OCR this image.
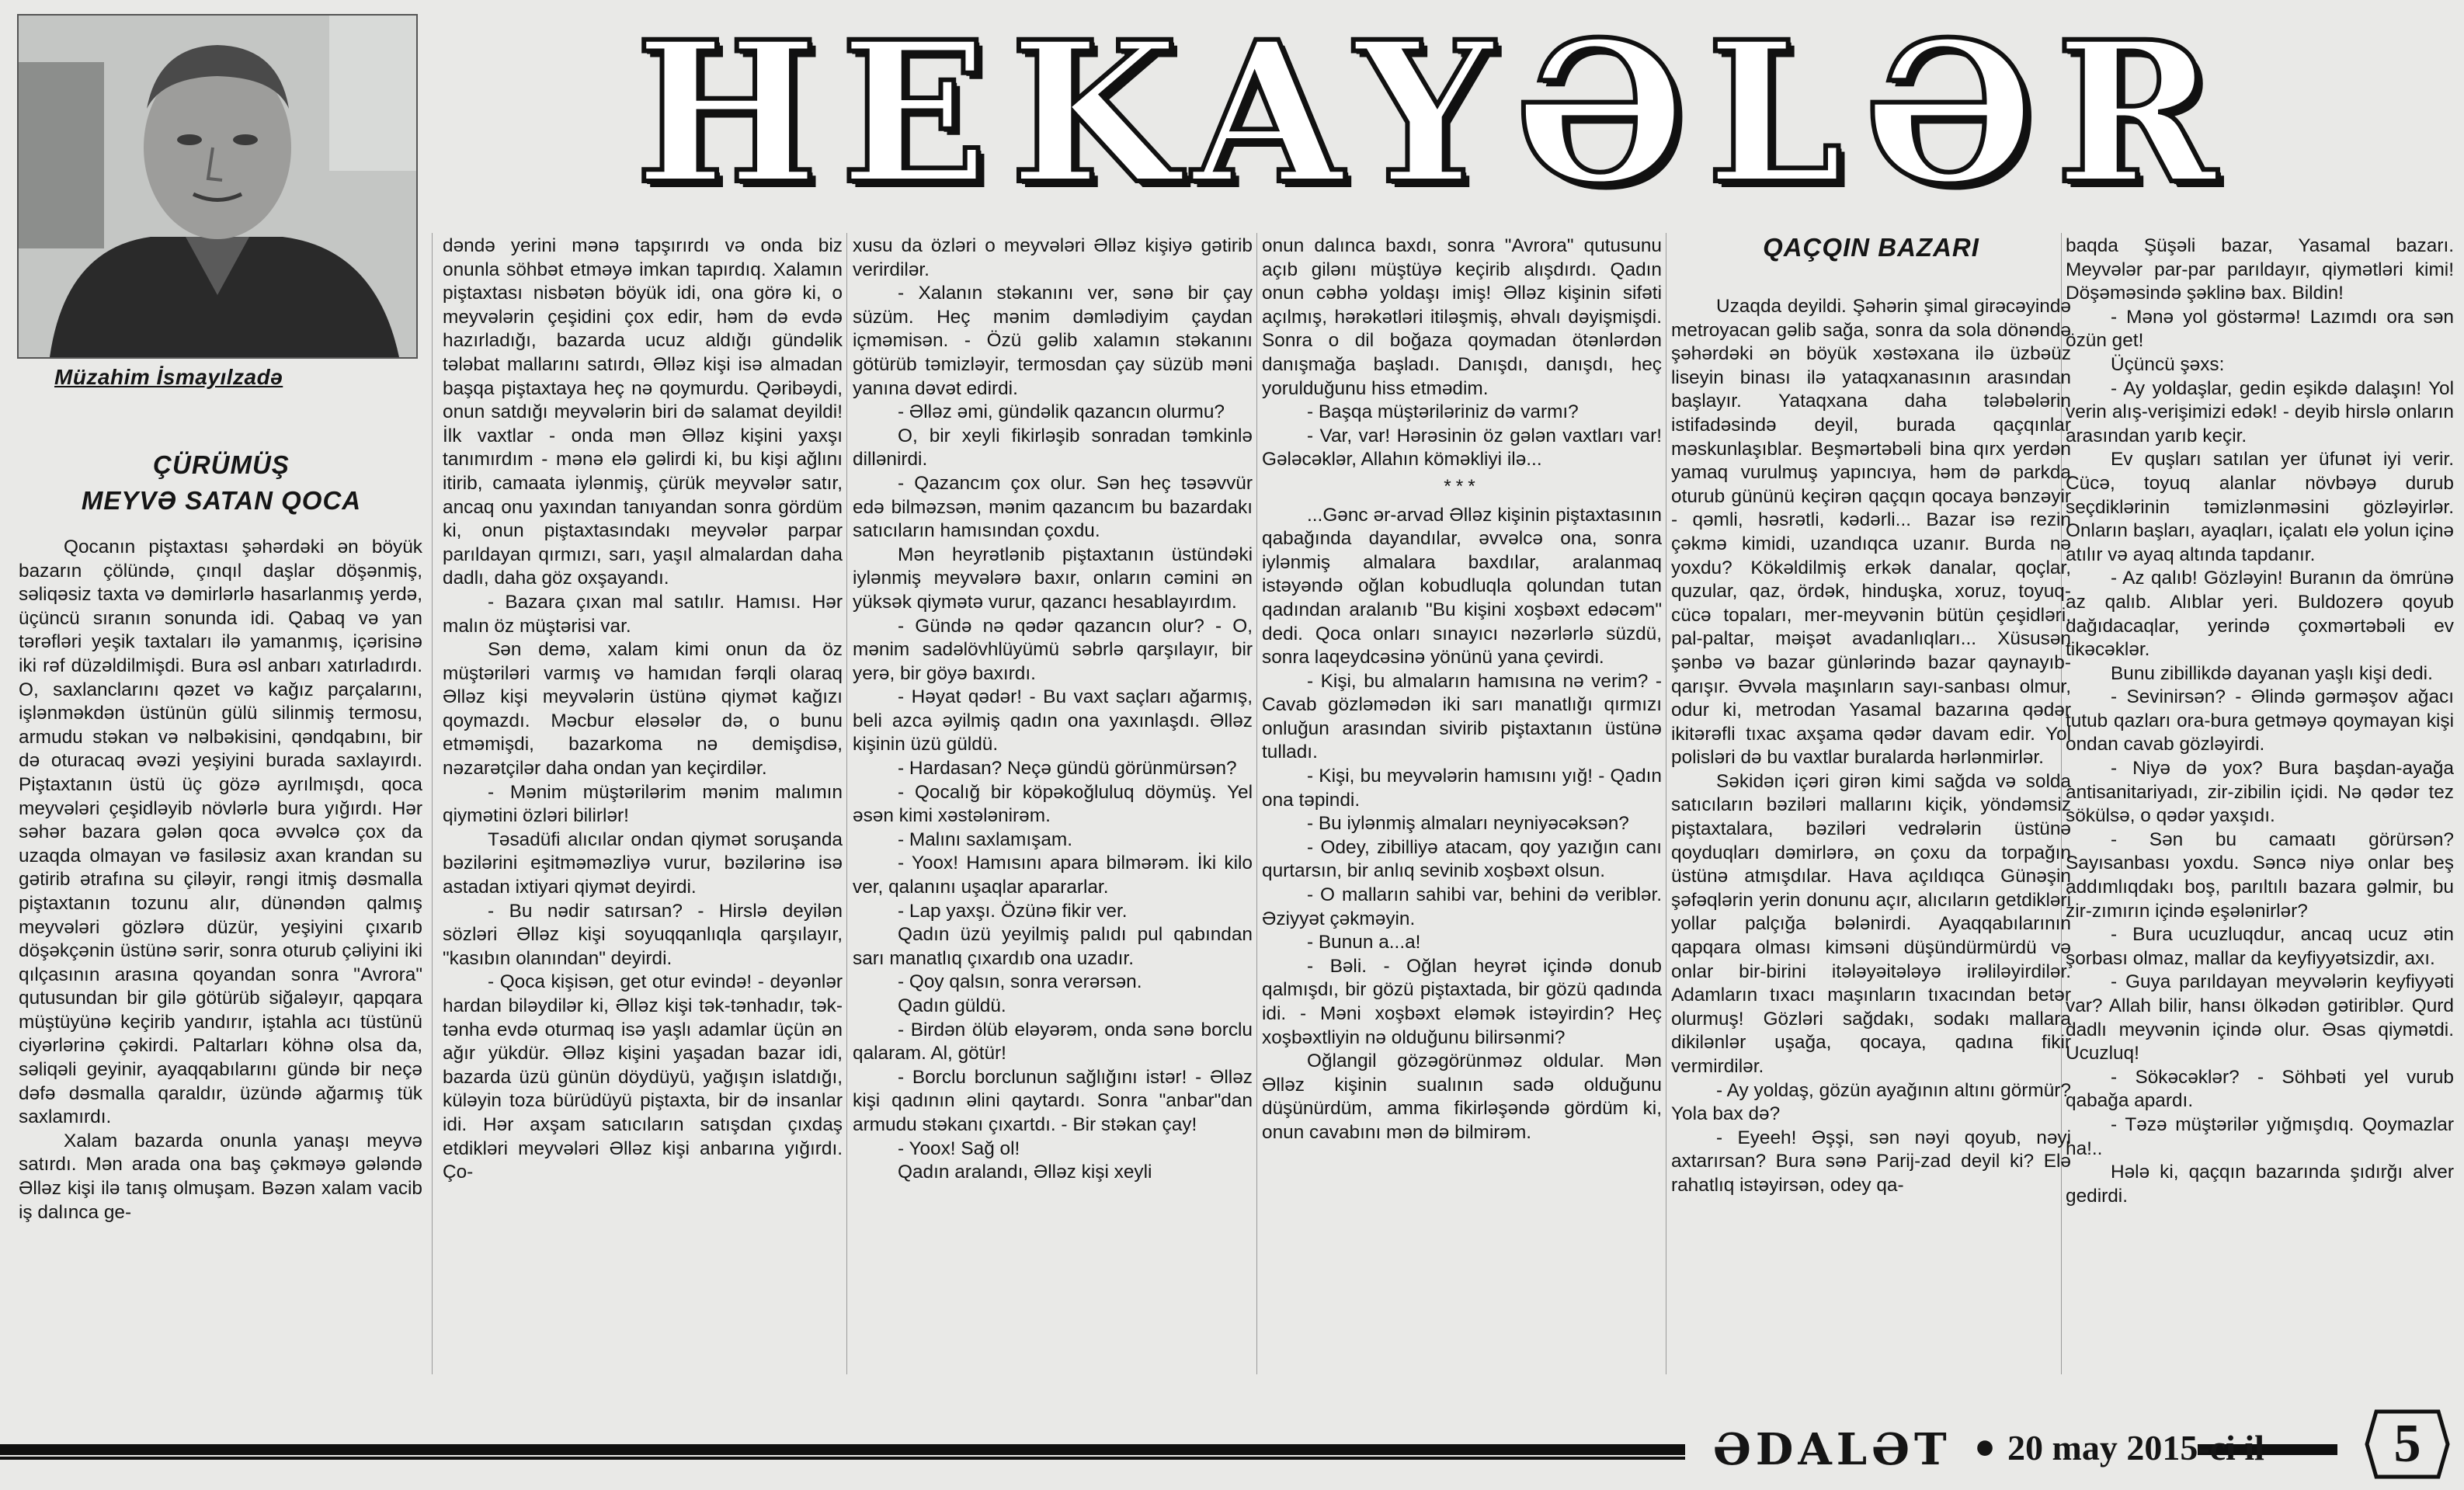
Müzahim İsmayılzadə
HEKAYƏLƏR
ÇÜRÜMÜŞ
MEYVƏ SATAN QOCA
QAÇQIN BAZARI

Qocanın piştaxtası şəhərdəki ən böyük bazarın çölündə, çınqıl daşlar döşənmiş, səliqəsiz taxta və dəmirlərlə hasarlanmış yerdə, üçüncü sıranın sonunda idi. Qabaq və yan tərəfləri yeşik taxtaları ilə yamanmış, içərisinə iki rəf düzəldilmişdi. Bura əsl anbarı xatırladırdı. O, saxlanclarını qəzet və kağız parçalarını, işlənməkdən üstünün gülü silinmiş termosu, armudu stəkan və nəlbəkisini, qəndqabını, bir də oturacaq əvəzi yeşiyini burada saxlayırdı. Piştaxtanın üstü üç gözə ayrılmışdı, qoca meyvələri çeşidləyib növlərlə bura yığırdı. Hər səhər bazara gələn qoca əvvəlcə çox da uzaqda olmayan və fasiləsiz axan krandan su gətirib ətrafına su çiləyir, rəngi itmiş dəsmalla piştaxtanın tozunu alır, dünəndən qalmış meyvələri gözlərə düzür, yeşiyini çıxarıb döşəkçənin üstünə sərir, sonra oturub çəliyini iki qılçasının arasına qoyandan sonra "Avrora" qutusundan bir gilə götürüb siğaləyır, qapqara müştüyünə keçirib yandırır, iştahla acı tüstünü ciyərlərinə çəkirdi. Paltarları köhnə olsa da, səliqəli geyinir, ayaqqabılarını gündə bir neçə dəfə dəsmalla qaraldır, üzündə ağarmış tük saxlamırdı.

Xalam bazarda onunla yanaşı meyvə satırdı. Mən arada ona baş çəkməyə gələndə Əlləz kişi ilə tanış olmuşam. Bəzən xalam vacib iş dalınca ge-

dəndə yerini mənə tapşırırdı və onda biz onunla söhbət etməyə imkan tapırdıq. Xalamın piştaxtası nisbətən böyük idi, ona görə ki, o meyvələrin çeşidini çox edir, həm də evdə hazırladığı, bazarda ucuz aldığı gündəlik tələbat mallarını satırdı, Əlləz kişi isə almadan başqa piştaxtaya heç nə qoymurdu. Qəribəydi, onun satdığı meyvələrin biri də salamat deyildi! İlk vaxtlar - onda mən Əlləz kişini yaxşı tanımırdım - mənə elə gəlirdi ki, bu kişi ağlını itirib, camaata iylənmiş, çürük meyvələr satır, ancaq onu yaxından tanıyandan sonra gördüm ki, onun piştaxtasındakı meyvələr parpar parıldayan qırmızı, sarı, yaşıl almalardan daha dadlı, daha göz oxşayandı.

- Bazara çıxan mal satılır. Hamısı. Hər malın öz müştərisi var.

Sən demə, xalam kimi onun da öz müştəriləri varmış və hamıdan fərqli olaraq Əlləz kişi meyvələrin üstünə qiymət kağızı qoymazdı. Məcbur eləsələr də, o bunu etməmişdi, bazarkoma nə demişdisə, nəzarətçilər daha ondan yan keçirdilər.

- Mənim müştərilərim mənim malımın qiymətini özləri bilirlər!

Təsadüfi alıcılar ondan qiymət soruşanda bəzilərini eşitməməzliyə vurur, bəzilərinə isə astadan ixtiyari qiymət deyirdi.

- Bu nədir satırsan? - Hirslə deyilən sözləri Əlləz kişi soyuqqanlıqla qarşılayır, "kasıbın olanından" deyirdi.

- Qoca kişisən, get otur evində! - deyənlər hardan biləydilər ki, Əlləz kişi tək-tənhadır, tək-tənha evdə oturmaq isə yaşlı adamlar üçün ən ağır yükdür. Əlləz kişini yaşadan bazar idi, bazarda üzü günün döydüyü, yağışın islatdığı, küləyin toza bürüdüyü piştaxta, bir də insanlar idi. Hər axşam satıcıların satışdan çıxdaş etdikləri meyvələri Əlləz kişi anbarına yığırdı. Ço-

xusu da özləri o meyvələri Əlləz kişiyə gətirib verirdilər.

- Xalanın stəkanını ver, sənə bir çay süzüm. Heç mənim dəmlədiyim çaydan içməmisən. - Özü gəlib xalamın stəkanını götürüb təmizləyir, termosdan çay süzüb məni yanına dəvət edirdi.

- Əlləz əmi, gündəlik qazancın olurmu?

O, bir xeyli fikirləşib sonradan təmkinlə dillənirdi.

- Qazancım çox olur. Sən heç təsəvvür edə bilməzsən, mənim qazancım bu bazardakı satıcıların hamısından çoxdu.

Mən heyrətlənib piştaxtanın üstündəki iylənmiş meyvələrə baxır, onların cəmini ən yüksək qiymətə vurur, qazancı hesablayırdım.

- Gündə nə qədər qazancın olur? - O, mənim sadəlövhlüyümü səbrlə qarşılayır, bir yerə, bir göyə baxırdı.

- Həyat qədər! - Bu vaxt saçları ağarmış, beli azca əyilmiş qadın ona yaxınlaşdı. Əlləz kişinin üzü güldü.

- Hardasan? Neçə gündü görünmürsən?

- Qocalığ bir köpəkoğluluq döymüş. Yel əsən kimi xəstələnirəm.

- Malını saxlamışam.

- Yoox! Hamısını apara bilmərəm. İki kilo ver, qalanını uşaqlar apararlar.

- Lap yaxşı. Özünə fikir ver.

Qadın üzü yeyilmiş palıdı pul qabından sarı manatlıq çıxardıb ona uzadır.

- Qoy qalsın, sonra verərsən.

Qadın güldü.

- Birdən ölüb eləyərəm, onda sənə borclu qalaram. Al, götür!

- Borclu borclunun sağlığını istər! - Əlləz kişi qadının əlini qaytardı. Sonra "anbar"dan armudu stəkanı çıxartdı. - Bir stəkan çay!

- Yoox! Sağ ol!

Qadın aralandı, Əlləz kişi xeyli

onun dalınca baxdı, sonra "Avrora" qutusunu açıb gilənı müştüyə keçirib alışdırdı. Qadın onun cəbhə yoldaşı imiş! Əlləz kişinin sifəti açılmış, hərəkətləri itiləşmiş, əhvalı dəyişmişdi. Sonra o dil boğaza qoymadan ötənlərdən danışmağa başladı. Danışdı, danışdı, heç yorulduğunu hiss etmədim.

- Başqa müştəriləriniz də varmı?

- Var, var! Hərəsinin öz gələn vaxtları var! Gələcəklər, Allahın köməkliyi ilə...

***

...Gənc ər-arvad Əlləz kişinin piştaxtasının qabağında dayandılar, əvvəlcə ona, sonra iylənmiş almalara baxdılar, aralanmaq istəyəndə oğlan kobudluqla qolundan tutan qadından aralanıb "Bu kişini xoşbəxt edəcəm" dedi. Qoca onları sınayıcı nəzərlərlə süzdü, sonra laqeydcəsinə yönünü yana çevirdi.

- Kişi, bu almaların hamısına nə verim? - Cavab gözləmədən iki sarı manatlığı qırmızı onluğun arasından sivirib piştaxtanın üstünə tulladı.

- Kişi, bu meyvələrin hamısını yığ! - Qadın ona təpindi.

- Bu iylənmiş almaları neyniyəcəksən?

- Odey, zibilliyə atacam, qoy yazığın canı qurtarsın, bir anlıq sevinib xoşbəxt olsun.

- O malların sahibi var, behini də veriblər. Əziyyət çəkməyin.

- Bunun a...a!

- Bəli. - Oğlan heyrət içində donub qalmışdı, bir gözü piştaxtada, bir gözü qadında idi. - Məni xoşbəxt eləmək istəyirdin? Heç xoşbəxtliyin nə olduğunu bilirsənmi?

Oğlangil gözəgörünməz oldular. Mən Əlləz kişinin sualının sadə olduğunu düşünürdüm, amma fikirləşəndə gördüm ki, onun cavabını mən də bilmirəm.

Uzaqda deyildi. Şəhərin şimal girəcəyində metroyacan gəlib sağa, sonra da sola dönəndə şəhərdəki ən böyük xəstəxana ilə üzbəüz liseyin binası ilə yataqxanasının arasından başlayır. Yataqxana daha tələbələrin istifadəsində deyil, burada qaçqınlar məskunlaşıblar. Beşmərtəbəli bina qırx yerdən yamaq vurulmuş yapıncıya, həm də parkda oturub gününü keçirən qaçqın qocaya bənzəyir - qəmli, həsrətli, kədərli... Bazar isə rezin çəkmə kimidi, uzandıqca uzanır. Burda nə yoxdu? Kökəldilmiş erkək danalar, qoçlar, quzular, qaz, ördək, hinduşka, xoruz, toyuq-cücə topaları, mer-meyvənin bütün çeşidləri, pal-paltar, məişət avadanlıqları... Xüsusən şənbə və bazar günlərində bazar qaynayıb-qarışır. Əvvəla maşınların sayı-sanbası olmur, odur ki, metrodan Yasamal bazarına qədər ikitərəfli tıxac axşama qədər davam edir. Yol polisləri də bu vaxtlar buralarda hərlənmirlər.

Səkidən içəri girən kimi sağda və solda satıcıların bəziləri mallarını kiçik, yöndəmsiz piştaxtalara, bəziləri vedrələrin üstünə qoyduqları dəmirlərə, ən çoxu da torpağın üstünə atmışdılar. Hava açıldıqca Günəşin şəfəqlərin yerin donunu açır, alıcıların getdikləri yollar palçığa bələnirdi. Ayaqqabılarının qapqara olması kimsəni düşündürmürdü və onlar bir-birini itələyəitələyə irəliləyirdilər. Adamların tıxacı maşınların tıxacından betər olurmuş! Gözləri sağdakı, sodakı mallara dikilənlər uşağa, qocaya, qadına fikir vermirdilər.

- Ay yoldaş, gözün ayağının altını görmür? Yola bax də?

- Eyeeh! Əşşi, sən nəyi qoyub, nəyi axtarırsan? Bura sənə Parij-zad deyil ki? Elə rahatlıq istəyirsən, odey qa-

baqda Şüşəli bazar, Yasamal bazarı. Meyvələr par-par parıldayır, qiymətləri kimi! Döşəməsində şəklinə bax. Bildin!

- Mənə yol göstərmə! Lazımdı ora sən özün get!

Üçüncü şəxs:

- Ay yoldaşlar, gedin eşikdə dalaşın! Yol verin alış-verişimizi edək! - deyib hirslə onların arasından yarıb keçir.

Ev quşları satılan yer üfunət iyi verir. Cücə, toyuq alanlar növbəyə durub seçdiklərinin təmizlənməsini gözləyirlər. Onların başları, ayaqları, içalatı elə yolun içinə atılır və ayaq altında tapdanır.

- Az qalıb! Gözləyin! Buranın da ömrünə az qalıb. Alıblar yeri. Buldozerə qoyub dağıdacaqlar, yerində çoxmərtəbəli ev tikəcəklər.

Bunu zibillikdə dayanan yaşlı kişi dedi.

- Sevinirsən? - Əlində gərməşov ağacı tutub qazları ora-bura getməyə qoymayan kişi ondan cavab gözləyirdi.

- Niyə də yox? Bura başdan-ayağa antisanitariyadı, zir-zibilin içidi. Nə qədər tez sökülsə, o qədər yaxşıdı.

- Sən bu camaatı görürsən? Sayısanbası yoxdu. Səncə niyə onlar beş addımlıqdakı boş, parıltılı bazara gəlmir, bu zir-zımırın içində eşələnirlər?

- Bura ucuzluqdur, ancaq ucuz ətin şorbası olmaz, mallar da keyfiyyətsizdir, axı.

- Guya parıldayan meyvələrin keyfiyyəti var? Allah bilir, hansı ölkədən gətiriblər. Qurd dadlı meyvənin içində olur. Əsas qiymətdi. Ucuzluq!

- Sökəcəklər? - Söhbəti yel vurub qabağa apardı.

- Təzə müştərilər yığmışdıq. Qoymazlar ha!..

Hələ ki, qaçqın bazarında şıdırğı alver gedirdi.

ƏDALƏT • 20 may 2015-ci il 5
